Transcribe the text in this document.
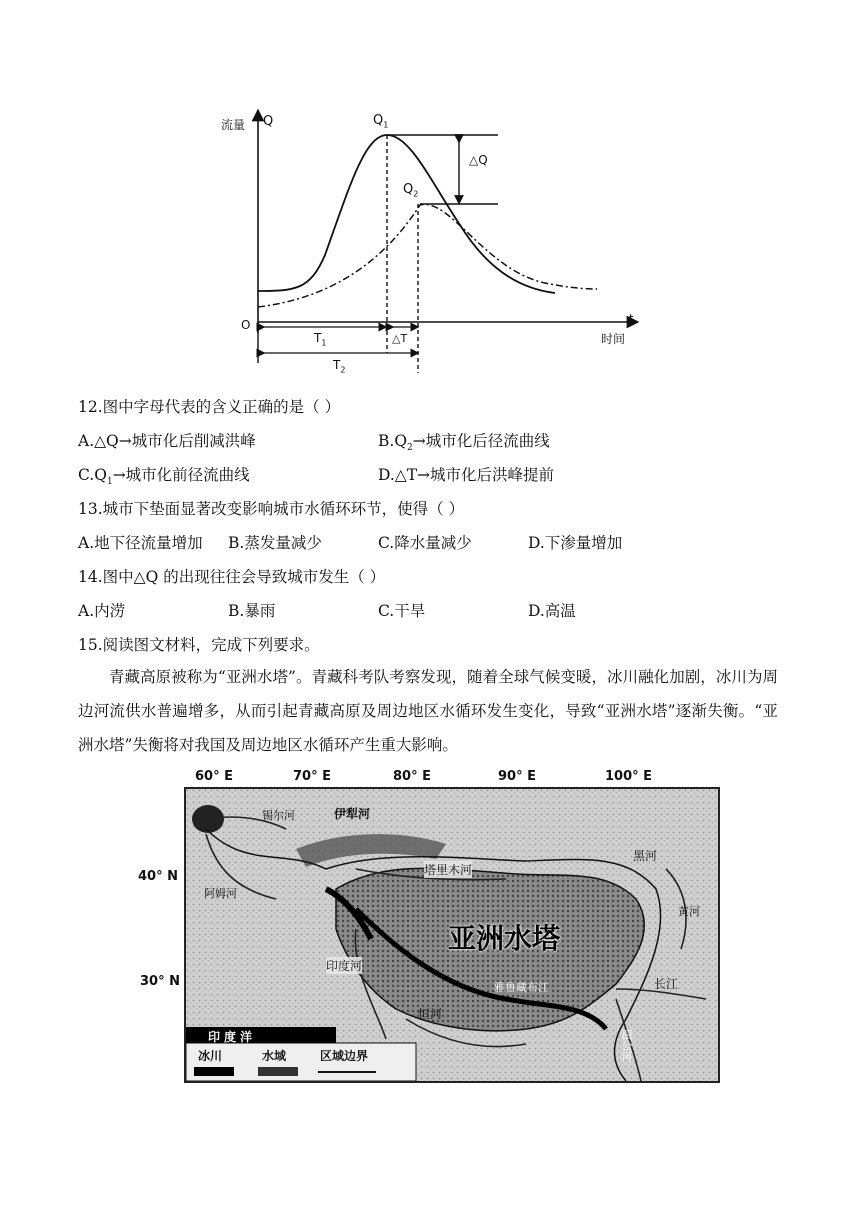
流量 Q
O	t
时间
$Q_1$
$Q_2$
△Q
△T
$T_1$
$T_2$
12.图中字母代表的含义正确的是（ ）
A.△Q→城市化后削减洪峰	$B.Q_2\to$城市化后径流曲线
$C.Q_1\to$城市化前径流曲线	D.△T→城市化后洪峰提前
13.城市下垫面显著改变影响城市水循环环节，使得（ ）
A.地下径流量增加 B.蒸发量减少	C.降水量减少	D.下渗量增加
14.图中△Q 的出现往往会导致城市发生（ ）
A.内涝	B.暴雨	C.干旱	D.高温
15.阅读图文材料，完成下列要求。
青藏高原被称为“亚洲水塔”。青藏科考队考察发现，随着全球气候变暖，冰川融化加剧，冰川为周边河流供水普遍增多，从而引起青藏高原及周边地区水循环发生变化，导致“亚洲水塔”逐渐失衡。“亚洲水塔”失衡将对我国及周边地区水循环产生重大影响。
60° E	70° E	80° E	90° E	100° E
40° N
30° N
锡尔河	伊犁河
塔里木河
阿姆河
黑河
黄河
印度河
雅鲁藏布江	长江
恒河
湄公河
亚洲水塔
印度洋
冰川	水域	区域边界
